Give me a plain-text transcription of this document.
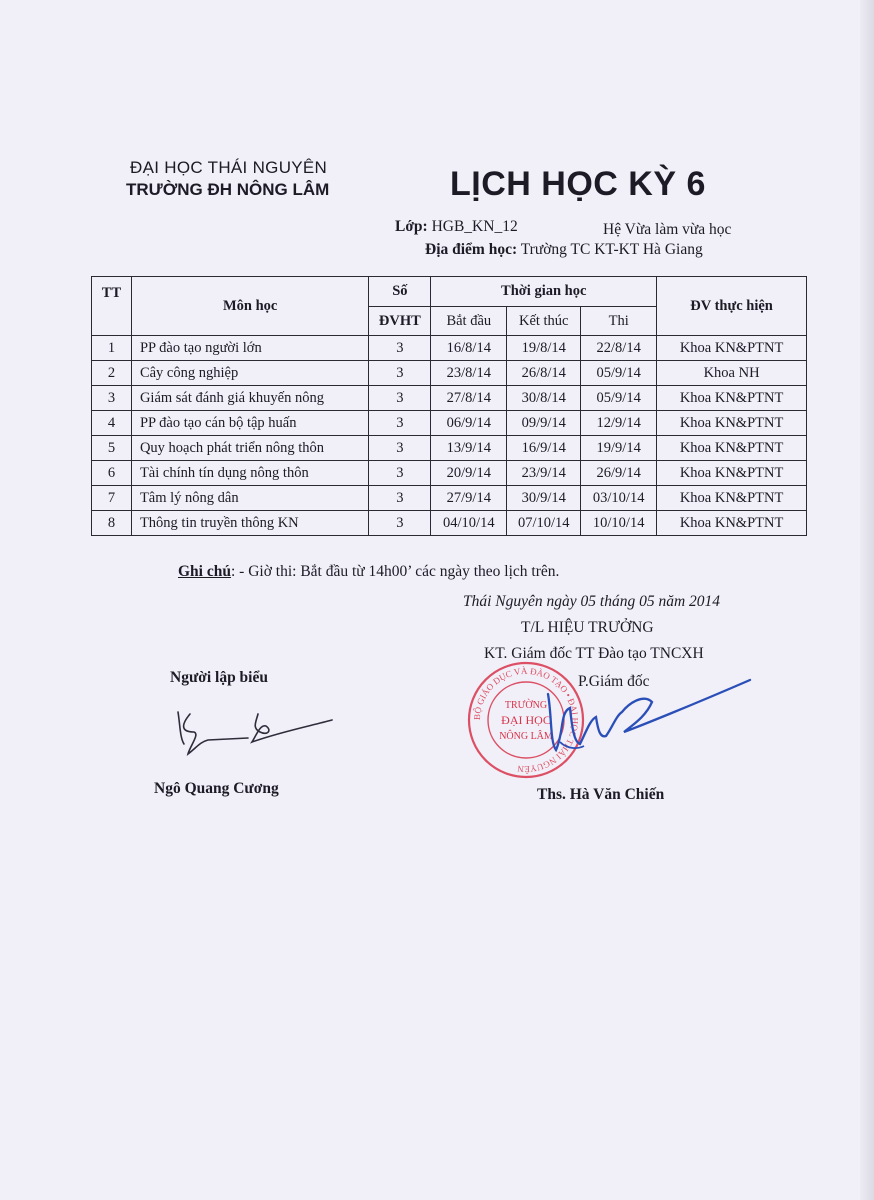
ĐẠI HỌC THÁI NGUYÊN
TRƯỜNG ĐH NÔNG LÂM	LỊCH HỌC KỲ 6
Lớp: HGB_KN_12	Hệ Vừa làm vừa học
Địa điểm học: Trường TC KT-KT Hà Giang
TT	Môn học	Số	Thời gian học			ĐV thực hiện
		ĐVHT	Bắt đầu	Kết thúc	Thi	
1	PP đào tạo người lớn	3	16/8/14	19/8/14	22/8/14	Khoa KN&PTNT
2	Cây công nghiệp	3	23/8/14	26/8/14	05/9/14	Khoa NH
3	Giám sát đánh giá khuyến nông	3	27/8/14	30/8/14	05/9/14	Khoa KN&PTNT
4	PP đào tạo cán bộ tập huấn	3	06/9/14	09/9/14	12/9/14	Khoa KN&PTNT
5	Quy hoạch phát triển nông thôn	3	13/9/14	16/9/14	19/9/14	Khoa KN&PTNT
6	Tài chính tín dụng nông thôn	3	20/9/14	23/9/14	26/9/14	Khoa KN&PTNT
7	Tâm lý nông dân	3	27/9/14	30/9/14	03/10/14	Khoa KN&PTNT
8	Thông tin truyền thông KN	3	04/10/14	07/10/14	10/10/14	Khoa KN&PTNT
Ghi chú: - Giờ thi: Bắt đầu từ 14h00’ các ngày theo lịch trên.
Thái Nguyên ngày 05 tháng 05 năm 2014
T/L HIỆU TRƯỞNG
KT. Giám đốc TT Đào tạo TNCXH
P.Giám đốc
Người lập biểu
BỘ GIÁO DỤC VÀ ĐÀO TẠO • ĐẠI HỌC THÁI NGUYÊN
TRƯỜNG
ĐẠI HỌC
NÔNG LÂM
Ths. Hà Văn Chiến
Ngô Quang Cương
